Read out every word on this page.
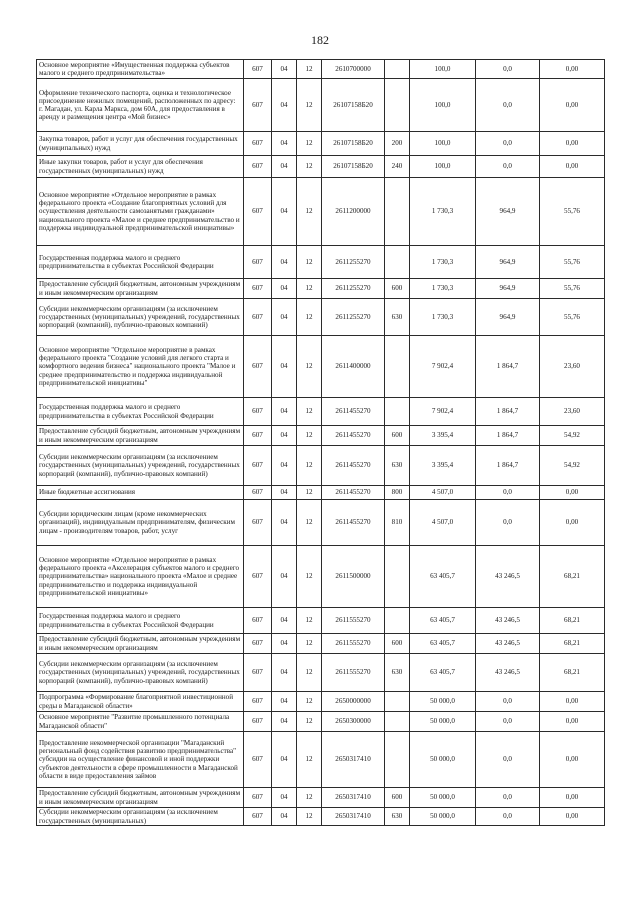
182
Основное мероприятие «Имущественная поддержка субъектов малого и среднего предпринимательства»	607	04	12	2610700000		100,0	0,0	0,00
Оформление технического паспорта, оценка и технологическое присоединение нежилых помещений, расположенных по адресу: г. Магадан, ул. Карла Маркса, дом 60А, для предоставления в аренду и размещения центра «Мой бизнес»	607	04	12	26107158Б20		100,0	0,0	0,00
Закупка товаров, работ и услуг для обеспечения государственных (муниципальных) нужд	607	04	12	26107158Б20	200	100,0	0,0	0,00
Иные закупки товаров, работ и услуг для обеспечения государственных (муниципальных) нужд	607	04	12	26107158Б20	240	100,0	0,0	0,00
Основное мероприятие «Отдельное мероприятие в рамках федерального проекта «Создание благоприятных условий для осуществления деятельности самозанятыми гражданами» национального проекта «Малое и среднее предпринимательство и поддержка индивидуальной предпринимательской инициативы»	607	04	12	2611200000		1 730,3	964,9	55,76
Государственная поддержка малого и среднего предпринимательства в субъектах Российской Федерации	607	04	12	2611255270		1 730,3	964,9	55,76
Предоставление субсидий бюджетным, автономным учреждениям и иным некоммерческим организациям	607	04	12	2611255270	600	1 730,3	964,9	55,76
Субсидии некоммерческим организациям (за исключением государственных (муниципальных) учреждений, государственных корпораций (компаний), публично-правовых компаний)	607	04	12	2611255270	630	1 730,3	964,9	55,76
Основное мероприятие "Отдельное мероприятие в рамках федерального проекта "Создание условий для легкого старта и комфортного ведения бизнеса" национального проекта "Малое и среднее предпринимательство и поддержка индивидуальной предпринимательской инициативы"	607	04	12	2611400000		7 902,4	1 864,7	23,60
Государственная поддержка малого и среднего предпринимательства в субъектах Российской Федерации	607	04	12	2611455270		7 902,4	1 864,7	23,60
Предоставление субсидий бюджетным, автономным учреждениям и иным некоммерческим организациям	607	04	12	2611455270	600	3 395,4	1 864,7	54,92
Субсидии некоммерческим организациям (за исключением государственных (муниципальных) учреждений, государственных корпораций (компаний), публично-правовых компаний)	607	04	12	2611455270	630	3 395,4	1 864,7	54,92
Иные бюджетные ассигнования	607	04	12	2611455270	800	4 507,0	0,0	0,00
Субсидии юридическим лицам (кроме некоммерческих организаций), индивидуальным предпринимателям, физическим лицам - производителям товаров, работ, услуг	607	04	12	2611455270	810	4 507,0	0,0	0,00
Основное мероприятие «Отдельное мероприятие в рамках федерального проекта «Акселерация субъектов малого и среднего предпринимательства» национального проекта «Малое и среднее предпринимательство и поддержка индивидуальной предпринимательской инициативы»	607	04	12	2611500000		63 405,7	43 246,5	68,21
Государственная поддержка малого и среднего предпринимательства в субъектах Российской Федерации	607	04	12	2611555270		63 405,7	43 246,5	68,21
Предоставление субсидий бюджетным, автономным учреждениям и иным некоммерческим организациям	607	04	12	2611555270	600	63 405,7	43 246,5	68,21
Субсидии некоммерческим организациям (за исключением государственных (муниципальных) учреждений, государственных корпораций (компаний), публично-правовых компаний)	607	04	12	2611555270	630	63 405,7	43 246,5	68,21
Подпрограмма «Формирование благоприятной инвестиционной среды в Магаданской области»	607	04	12	2650000000		50 000,0	0,0	0,00
Основное мероприятие "Развитие промышленного потенциала Магаданской области"	607	04	12	2650300000		50 000,0	0,0	0,00
Предоставление некоммерческой организации "Магаданский региональный фонд содействия развитию предпринимательства" субсидии на осуществление финансовой и иной поддержки субъектов деятельности в сфере промышленности в Магаданской области в виде предоставления займов	607	04	12	2650317410		50 000,0	0,0	0,00
Предоставление субсидий бюджетным, автономным учреждениям и иным некоммерческим организациям	607	04	12	2650317410	600	50 000,0	0,0	0,00
Субсидии некоммерческим организациям (за исключением государственных (муниципальных)	607	04	12	2650317410	630	50 000,0	0,0	0,00
